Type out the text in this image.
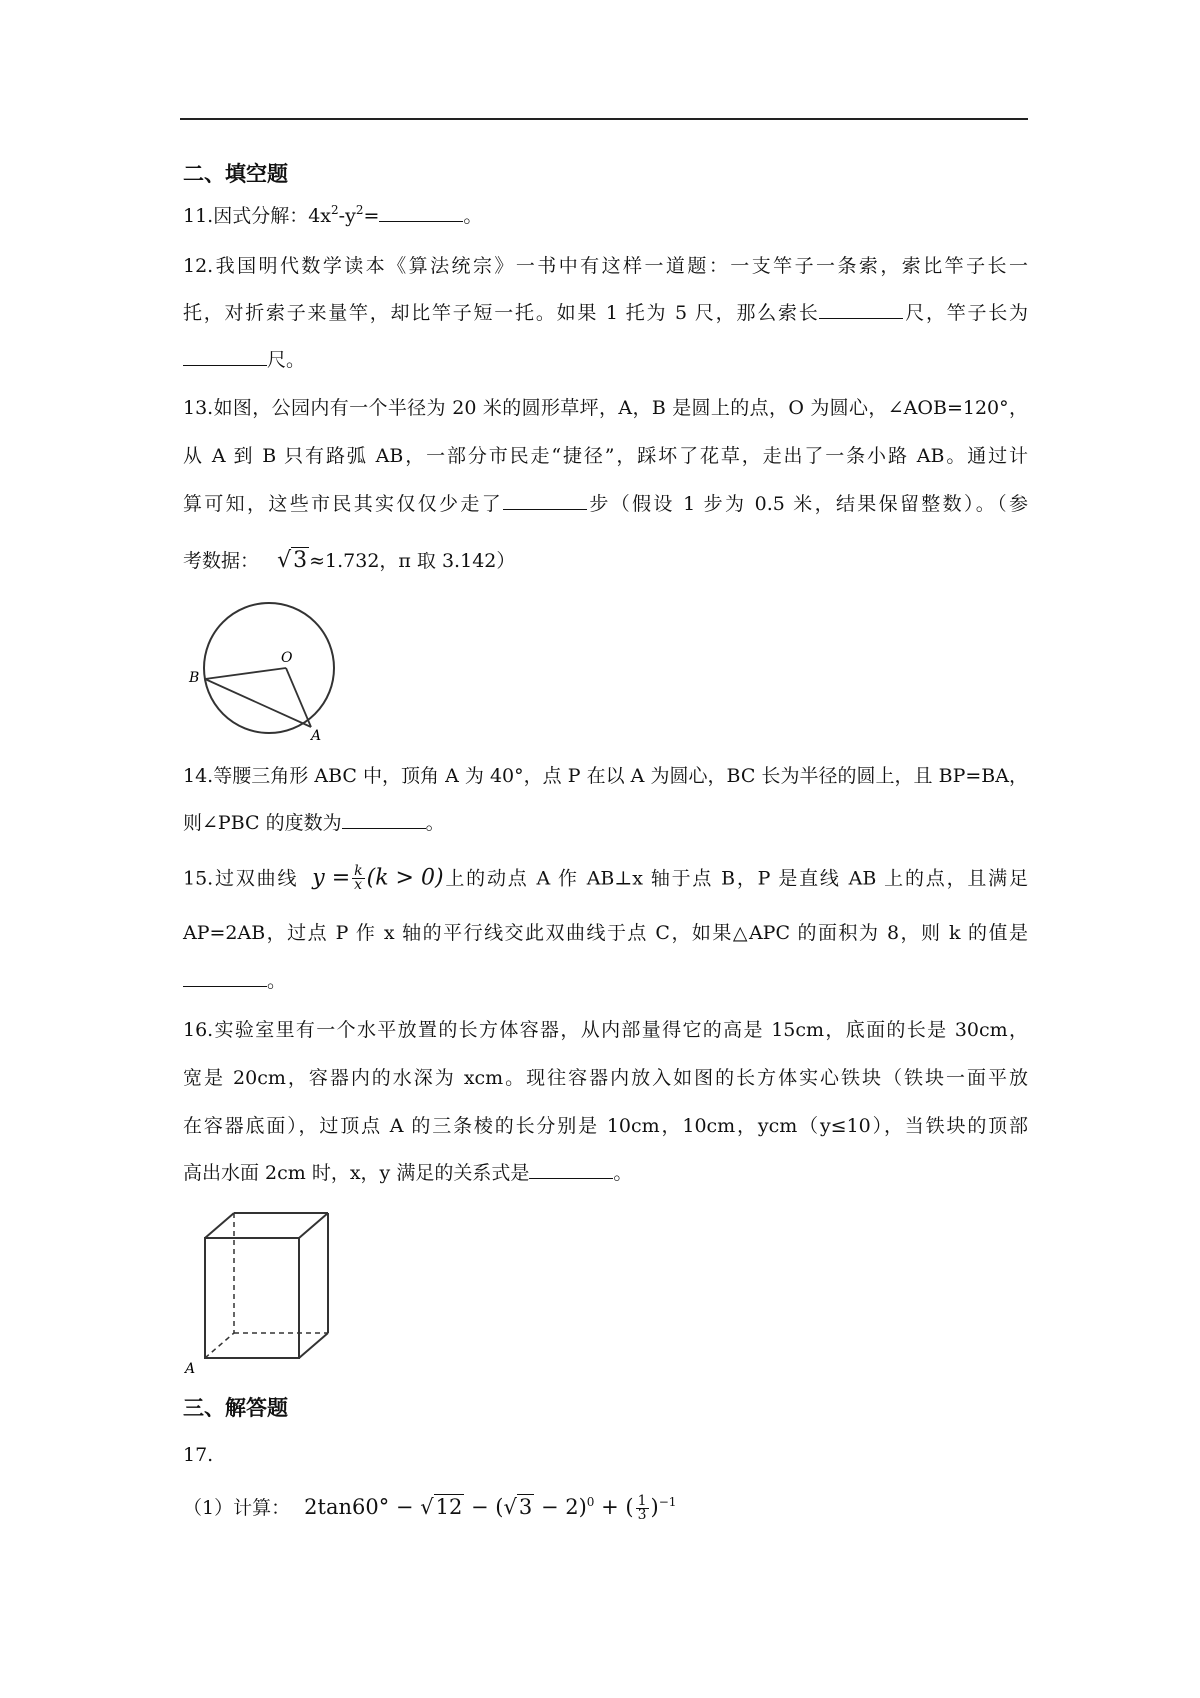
二、填空题
11.因式分解：$4x^2-y^2=$	。
12.我国明代数学读本《算法统宗》一书中有这样一道题：一支竿子一条索，索比竿子长一
托，对折索子来量竿，却比竿子短一托。如果 1 托为 5 尺，那么索长	尺，竿子长为
尺。
13.如图，公园内有一个半径为 20 米的圆形草坪，A，B 是圆上的点，O 为圆心，∠AOB=120°，
从 A 到 B 只有路弧 AB，一部分市民走“捷径”，踩坏了花草，走出了一条小路 AB。通过计
算可知，这些市民其实仅仅少走了	步（假设 1 步为 0.5 米，结果保留整数）。（参
考数据： √3 ≈1.732，π 取 3.142）
B
O
A
14.等腰三角形 ABC 中，顶角 A 为 40°，点 P 在以 A 为圆心，BC 长为半径的圆上，且 BP=BA，
则∠PBC 的度数为	。
15.过双曲线 $y = \frac{k}{x} (k > 0)$上的动点 A 作 AB⊥x 轴于点 B，P 是直线 AB 上的点，且满足
AP=2AB，过点 P 作 x 轴的平行线交此双曲线于点 C，如果△APC 的面积为 8，则 k 的值是
。
16.实验室里有一个水平放置的长方体容器，从内部量得它的高是 15cm，底面的长是 30cm，
宽是 20cm，容器内的水深为 xcm。现往容器内放入如图的长方体实心铁块（铁块一面平放
在容器底面），过顶点 A 的三条棱的长分别是 10cm，10cm，ycm（y≤10），当铁块的顶部
高出水面 2cm 时，x，y 满足的关系式是	。
A
三、解答题
17.
（1）计算： $2\tan 60^\circ - √12 - (√3 - 2)^0$ + ( $\frac{1}{3} )^{-1}$
